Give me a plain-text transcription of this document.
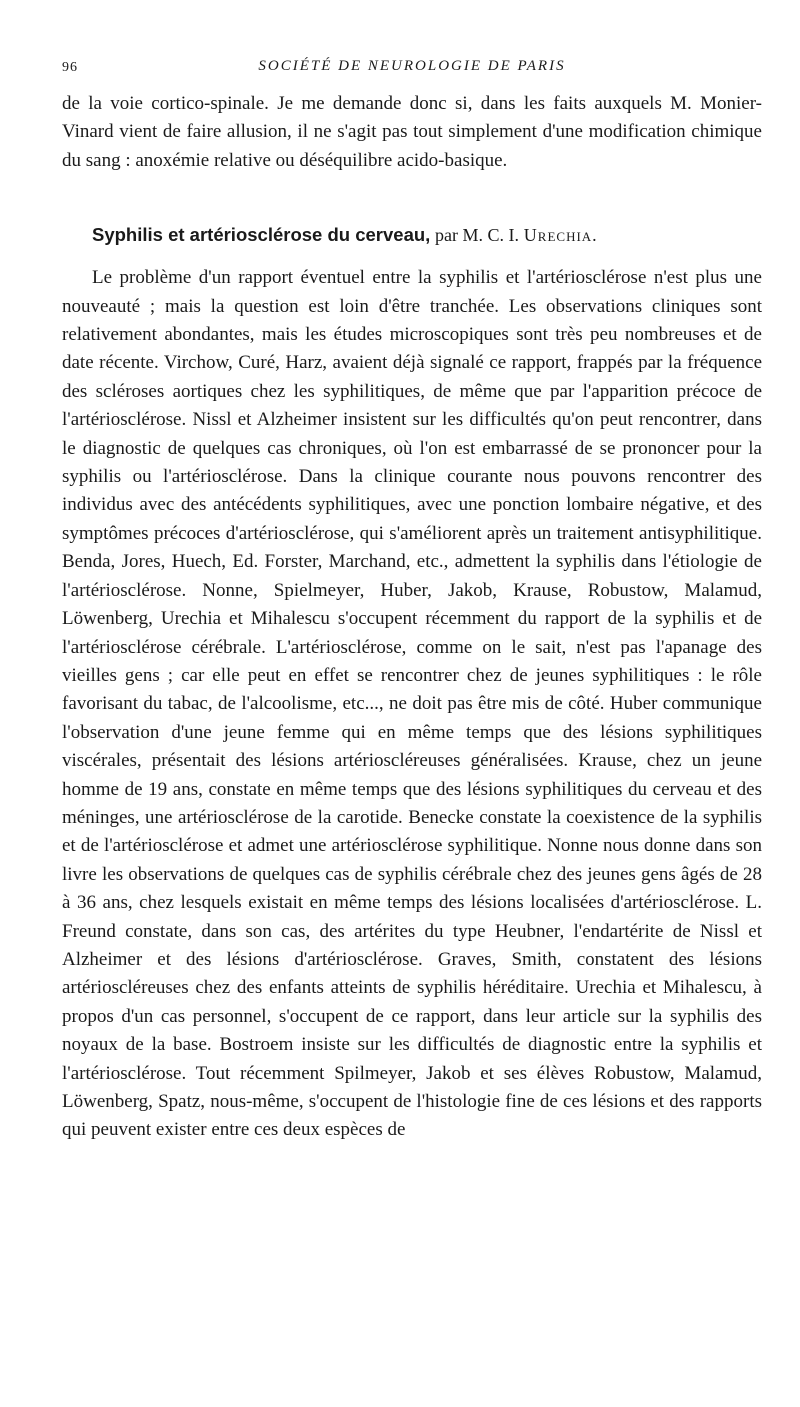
96	SOCIÉTÉ DE NEUROLOGIE DE PARIS

de la voie cortico-spinale. Je me demande donc si, dans les faits auxquels M. Monier-Vinard vient de faire allusion, il ne s'agit pas tout simplement d'une modification chimique du sang : anoxémie relative ou déséquilibre acido-basique.

Syphilis et artériosclérose du cerveau, par M. C. I. Urechia.

Le problème d'un rapport éventuel entre la syphilis et l'artériosclérose n'est plus une nouveauté ; mais la question est loin d'être tranchée. Les observations cliniques sont relativement abondantes, mais les études microscopiques sont très peu nombreuses et de date récente. Virchow, Curé, Harz, avaient déjà signalé ce rapport, frappés par la fréquence des scléroses aortiques chez les syphilitiques, de même que par l'apparition précoce de l'artériosclérose. Nissl et Alzheimer insistent sur les difficultés qu'on peut rencontrer, dans le diagnostic de quelques cas chroniques, où l'on est embarrassé de se prononcer pour la syphilis ou l'artériosclérose. Dans la clinique courante nous pouvons rencontrer des individus avec des antécédents syphilitiques, avec une ponction lombaire négative, et des symptômes précoces d'artériosclérose, qui s'améliorent après un traitement antisyphilitique. Benda, Jores, Huech, Ed. Forster, Marchand, etc., admettent la syphilis dans l'étiologie de l'artériosclérose. Nonne, Spielmeyer, Huber, Jakob, Krause, Robustow, Malamud, Löwenberg, Urechia et Mihalescu s'occupent récemment du rapport de la syphilis et de l'artériosclérose cérébrale. L'artériosclérose, comme on le sait, n'est pas l'apanage des vieilles gens ; car elle peut en effet se rencontrer chez de jeunes syphilitiques : le rôle favorisant du tabac, de l'alcoolisme, etc..., ne doit pas être mis de côté. Huber communique l'observation d'une jeune femme qui en même temps que des lésions syphilitiques viscérales, présentait des lésions artérioscléreuses généralisées. Krause, chez un jeune homme de 19 ans, constate en même temps que des lésions syphilitiques du cerveau et des méninges, une artériosclérose de la carotide. Benecke constate la coexistence de la syphilis et de l'artériosclérose et admet une artériosclérose syphilitique. Nonne nous donne dans son livre les observations de quelques cas de syphilis cérébrale chez des jeunes gens âgés de 28 à 36 ans, chez lesquels existait en même temps des lésions localisées d'artériosclérose. L. Freund constate, dans son cas, des artérites du type Heubner, l'endartérite de Nissl et Alzheimer et des lésions d'artériosclérose. Graves, Smith, constatent des lésions artérioscléreuses chez des enfants atteints de syphilis héréditaire. Urechia et Mihalescu, à propos d'un cas personnel, s'occupent de ce rapport, dans leur article sur la syphilis des noyaux de la base. Bostroem insiste sur les difficultés de diagnostic entre la syphilis et l'artériosclérose. Tout récemment Spilmeyer, Jakob et ses élèves Robustow, Malamud, Löwenberg, Spatz, nous-même, s'occupent de l'histologie fine de ces lésions et des rapports qui peuvent exister entre ces deux espèces de
